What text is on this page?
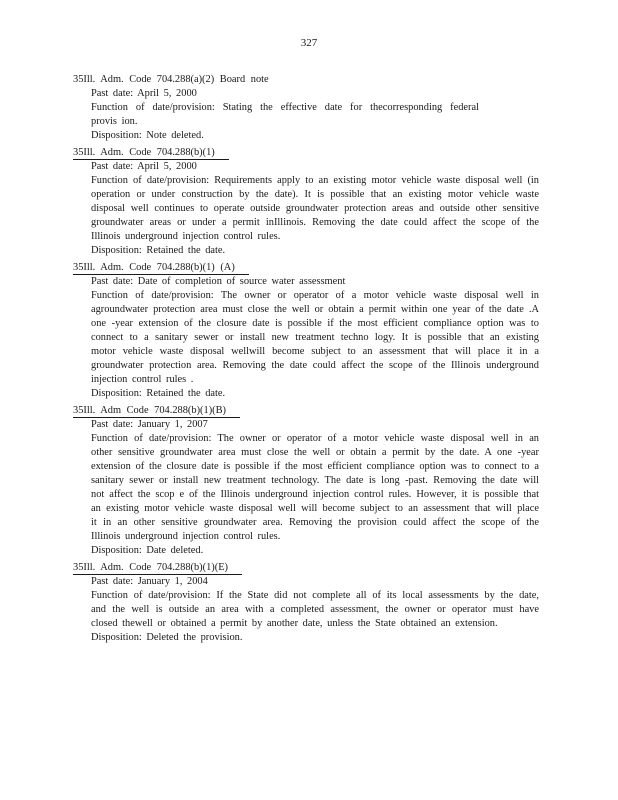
327
35Ill. Adm. Code 704.288(a)(2) Board note
Past date: April 5, 2000
Function of date/provision: Stating the effective date for thecorresponding federal provis ion.
Disposition: Note deleted.
35Ill. Adm. Code 704.288(b)(1)
Past date: April 5, 2000
Function of date/provision: Requirements apply to an existing motor vehicle waste disposal well (in operation or under construction by the date). It is possible that an existing motor vehicle waste disposal well continues to operate outside groundwater protection areas and outside other sensitive groundwater areas or under a permit inIllinois. Removing the date could affect the scope of the Illinois underground injection control rules.
Disposition: Retained the date.
35Ill. Adm. Code 704.288(b)(1) (A)
Past date: Date of completion of source water assessment
Function of date/provision: The owner or operator of a motor vehicle waste disposal well in agroundwater protection area must close the well or obtain a permit within one year of the date .A one -year extension of the closure date is possible if the most efficient compliance option was to connect to a sanitary sewer or install new treatment techno logy. It is possible that an existing motor vehicle waste disposal wellwill become subject to an assessment that will place it in a groundwater protection area. Removing the date could affect the scope of the Illinois underground injection control rules .
Disposition: Retained the date.
35Ill. Adm Code 704.288(b)(1)(B)
Past date: January 1, 2007
Function of date/provision: The owner or operator of a motor vehicle waste disposal well in an other sensitive groundwater area must close the well or obtain a permit by the date. A one -year extension of the closure date is possible if the most efficient compliance option was to connect to a sanitary sewer or install new treatment technology. The date is long -past. Removing the date will not affect the scop e of the Illinois underground injection control rules. However, it is possible that an existing motor vehicle waste disposal well will become subject to an assessment that will place it in an other sensitive groundwater area. Removing the provision could affect the scope of the Illinois underground injection control rules.
Disposition: Date deleted.
35Ill. Adm. Code 704.288(b)(1)(E)
Past date: January 1, 2004
Function of date/provision: If the State did not complete all of its local assessments by the date, and the well is outside an area with a completed assessment, the owner or operator must have closed thewell or obtained a permit by another date, unless the State obtained an extension.
Disposition: Deleted the provision.
